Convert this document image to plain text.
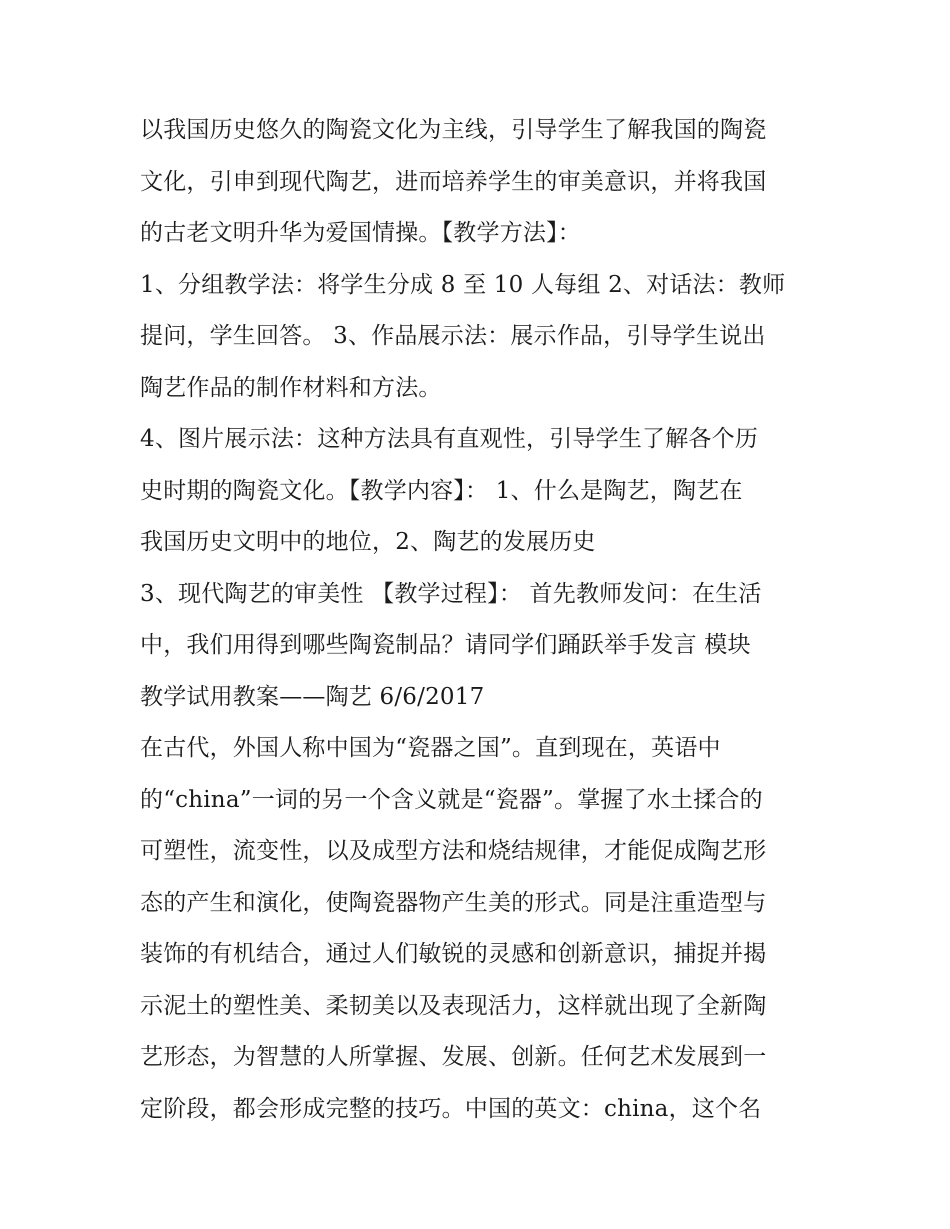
以我国历史悠久的陶瓷文化为主线，引导学生了解我国的陶瓷
文化，引申到现代陶艺，进而培养学生的审美意识，并将我国
的古老文明升华为爱国情操。【教学方法】：
1、分组教学法：将学生分成 8 至 10 人每组 2、对话法：教师
提问，学生回答。 3、作品展示法：展示作品，引导学生说出
陶艺作品的制作材料和方法。
4、图片展示法：这种方法具有直观性，引导学生了解各个历
史时期的陶瓷文化。【教学内容】： 1、什么是陶艺，陶艺在
我国历史文明中的地位，2、陶艺的发展历史
3、现代陶艺的审美性 【教学过程】： 首先教师发问：在生活
中，我们用得到哪些陶瓷制品？请同学们踊跃举手发言 模块
教学试用教案——陶艺 6/6/2017
在古代，外国人称中国为“瓷器之国”。直到现在，英语中
的“china”一词的另一个含义就是“瓷器”。掌握了水土揉合的
可塑性，流变性，以及成型方法和烧结规律，才能促成陶艺形
态的产生和演化，使陶瓷器物产生美的形式。同是注重造型与
装饰的有机结合，通过人们敏锐的灵感和创新意识，捕捉并揭
示泥土的塑性美、柔韧美以及表现活力，这样就出现了全新陶
艺形态，为智慧的人所掌握、发展、创新。任何艺术发展到一
定阶段，都会形成完整的技巧。中国的英文：china，这个名
